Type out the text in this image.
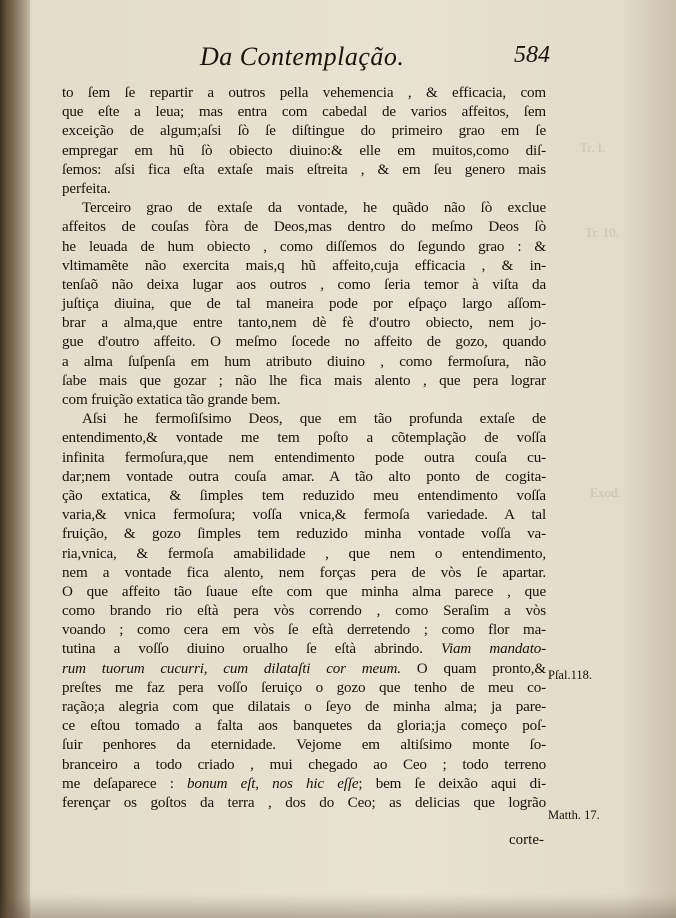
Tr. I.
Tr. 10.
Exod.
Da Contemplação.	584
to ſem ſe repartir a outros pella vehemencia , & efficacia, com
que eſte a leua; mas entra com cabedal de varios affeitos, ſem
exceição de algum;aſsi ſò ſe diſtingue do primeiro grao em ſe
empregar em hũ ſò obiecto diuino:& elle em muitos,como diſ-
ſemos: aſsi fica eſta extaſe mais eſtreita , & em ſeu genero mais
perfeita.
Terceiro grao de extaſe da vontade, he quãdo não ſò exclue
affeitos de couſas fòra de Deos,mas dentro do meſmo Deos ſò
he leuada de hum obiecto , como diſſemos do ſegundo grao : &
vltimamẽte não exercita mais,q hũ affeito,cuja efficacia , & in-
tenſaõ não deixa lugar aos outros , como ſeria temor à viſta da
juſtiça diuina, que de tal maneira pode por eſpaço largo aſſom-
brar a alma,que entre tanto,nem dè fè d'outro obiecto, nem jo-
gue d'outro affeito. O meſmo ſocede no affeito de gozo, quando
a alma ſuſpenſa em hum atributo diuino , como fermoſura, não
ſabe mais que gozar ; não lhe fica mais alento , que pera lograr
com fruição extatica tão grande bem.
Aſsi he fermoſiſsimo Deos, que em tão profunda extaſe de
entendimento,& vontade me tem poſto a cõtemplação de voſſa
infinita fermoſura,que nem entendimento pode outra couſa cu-
dar;nem vontade outra couſa amar. A tão alto ponto de cogita-
ção extatica, & ſimples tem reduzido meu entendimento voſſa
varia,& vnica fermoſura; voſſa vnica,& fermoſa variedade. A tal
fruição, & gozo ſimples tem reduzido minha vontade voſſa va-
ria,vnica, & fermoſa amabilidade , que nem o entendimento,
nem a vontade fica alento, nem forças pera de vòs ſe apartar.
O que affeito tão ſuaue eſte com que minha alma parece , que
como brando rio eſtà pera vòs correndo , como Seraſim a vòs
voando ; como cera em vòs ſe eſtà derretendo ; como flor ma-
tutina a voſſo diuino orualho ſe eſtà abrindo. Viam mandato-
rum tuorum cucurri, cum dilataſti cor meum. O quam pronto,&
preſtes me faz pera voſſo ſeruiço o gozo que tenho de meu co-
ração;a alegria com que dilatais o ſeyo de minha alma; ja pare-
ce eſtou tomado a falta aos banquetes da gloria;ja começo poſ-
ſuir penhores da eternidade. Vejome em altiſsimo monte ſo-
branceiro a todo criado , mui chegado ao Ceo ; todo terreno
me deſaparece : bonum eſt, nos hic eſſe; bem ſe deixão aqui di-
ferençar os goſtos da terra , dos do Ceo; as delicias que logrão
corte-
Pſal.118.
Matth. 17.
